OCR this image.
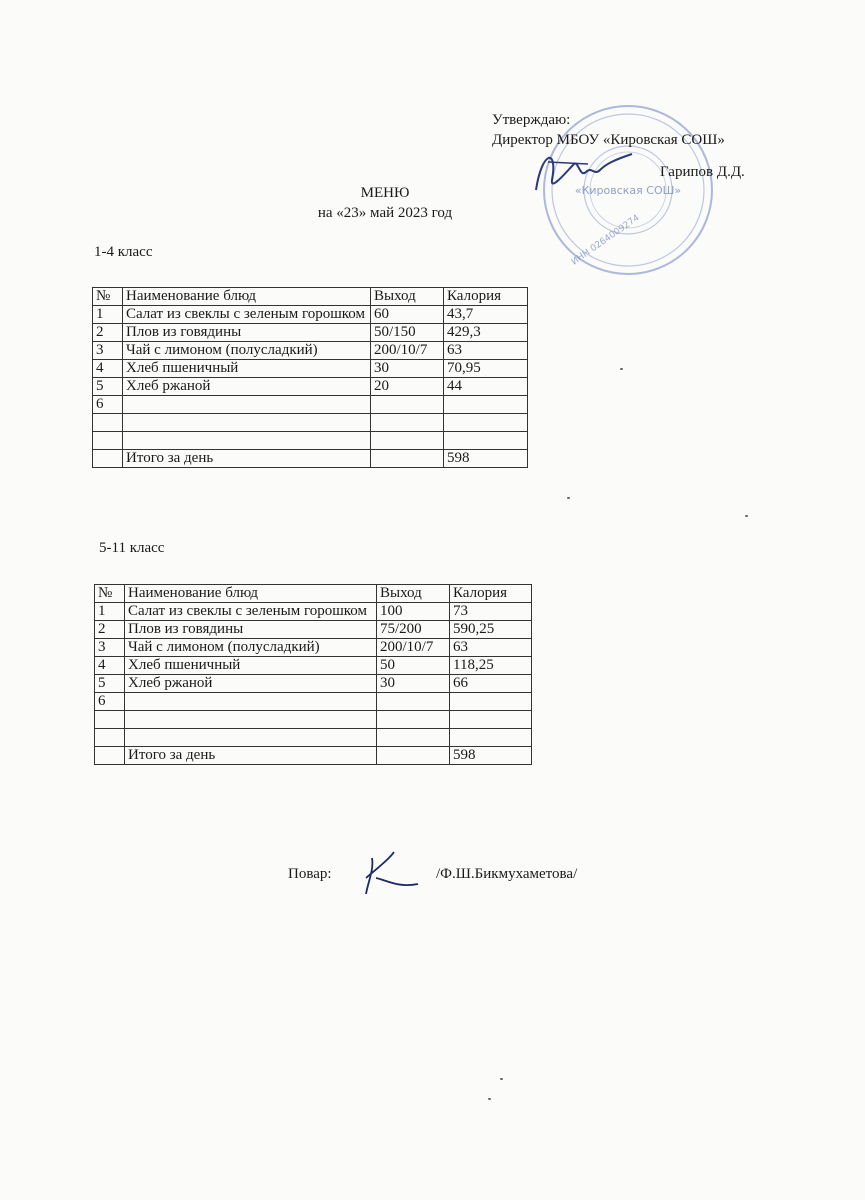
«Кировская СОШ»
ИНН 0264009274
Утверждаю:
Директор МБОУ «Кировская СОШ»
Гарипов Д.Д.
МЕНЮ
на «23» май 2023 год
1-4 класс
№	Наименование блюд	Выход	Калория
1	Салат из свеклы с зеленым горошком	60	43,7
2	Плов из говядины	50/150	429,3
3	Чай с лимоном (полусладкий)	200/10/7	63
4	Хлеб пшеничный	30	70,95
5	Хлеб ржаной	20	44
6			

	Итого за день		598
5-11 класс
№	Наименование блюд	Выход	Калория
1	Салат из свеклы с зеленым горошком	100	73
2	Плов из говядины	75/200	590,25
3	Чай с лимоном (полусладкий)	200/10/7	63
4	Хлеб пшеничный	50	118,25
5	Хлеб ржаной	30	66
6			

	Итого за день		598
Повар:	/Ф.Ш.Бикмухаметова/
